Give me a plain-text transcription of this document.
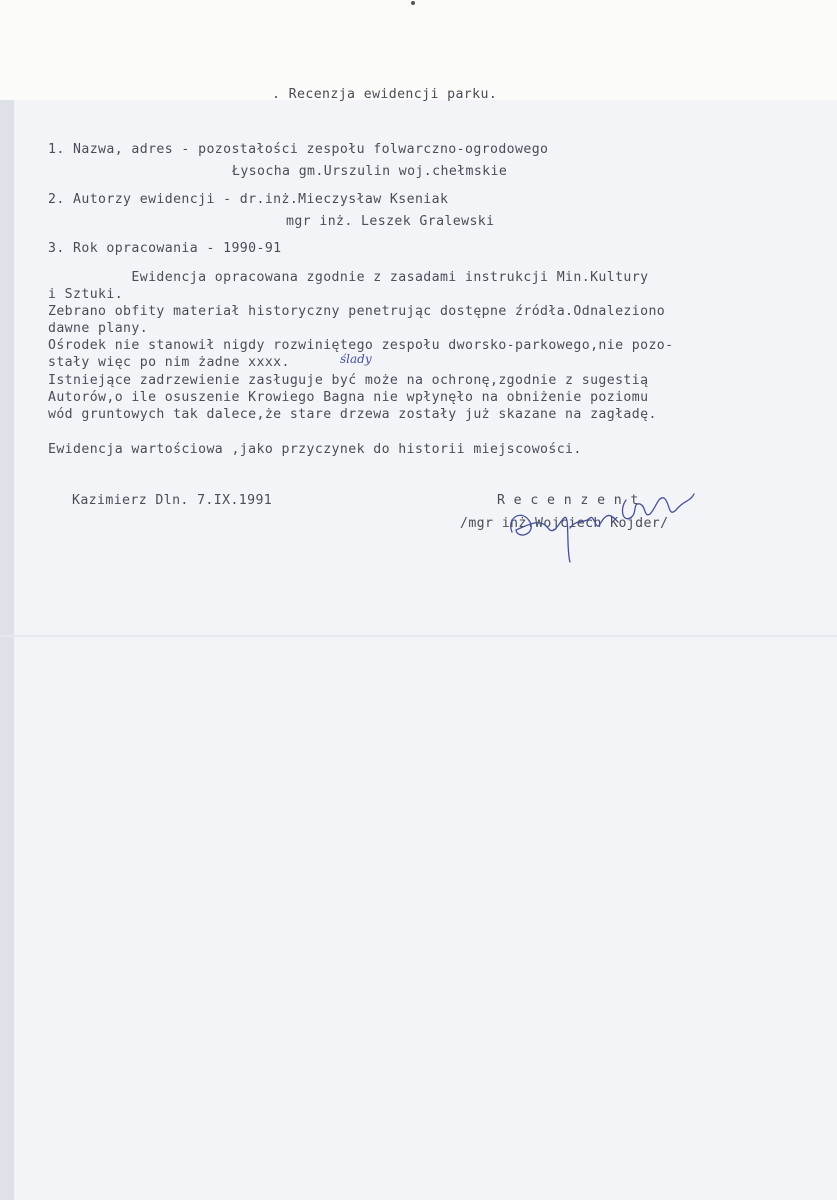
. Recenzja ewidencji parku.

1. Nazwa, adres - pozostałości zespołu folwarczno-ogrodowego

Łysocha gm.Urszulin woj.chełmskie

2. Autorzy ewidencji - dr.inż.Mieczysław Kseniak

mgr inż. Leszek Gralewski

3. Rok opracowania - 1990-91

Ewidencja opracowana zgodnie z zasadami instrukcji Min.Kultury

i Sztuki.

Zebrano obfity materiał historyczny penetrując dostępne źródła.Odnaleziono

dawne plany.

Ośrodek nie stanowił nigdy rozwiniętego zespołu dworsko-parkowego,nie pozo-

stały więc po nim żadne xxxx.	ślady

Istniejące zadrzewienie zasługuje być może na ochronę,zgodnie z sugestią

Autorów,o ile osuszenie Krowiego Bagna nie wpłynęło na obniżenie poziomu

wód gruntowych tak dalece,że stare drzewa zostały już skazane na zagładę.

Ewidencja wartościowa ,jako przyczynek do historii miejscowości.

Kazimierz Dln. 7.IX.1991	R e c e n z e n t

/mgr inż.Wojciech Kojder/
